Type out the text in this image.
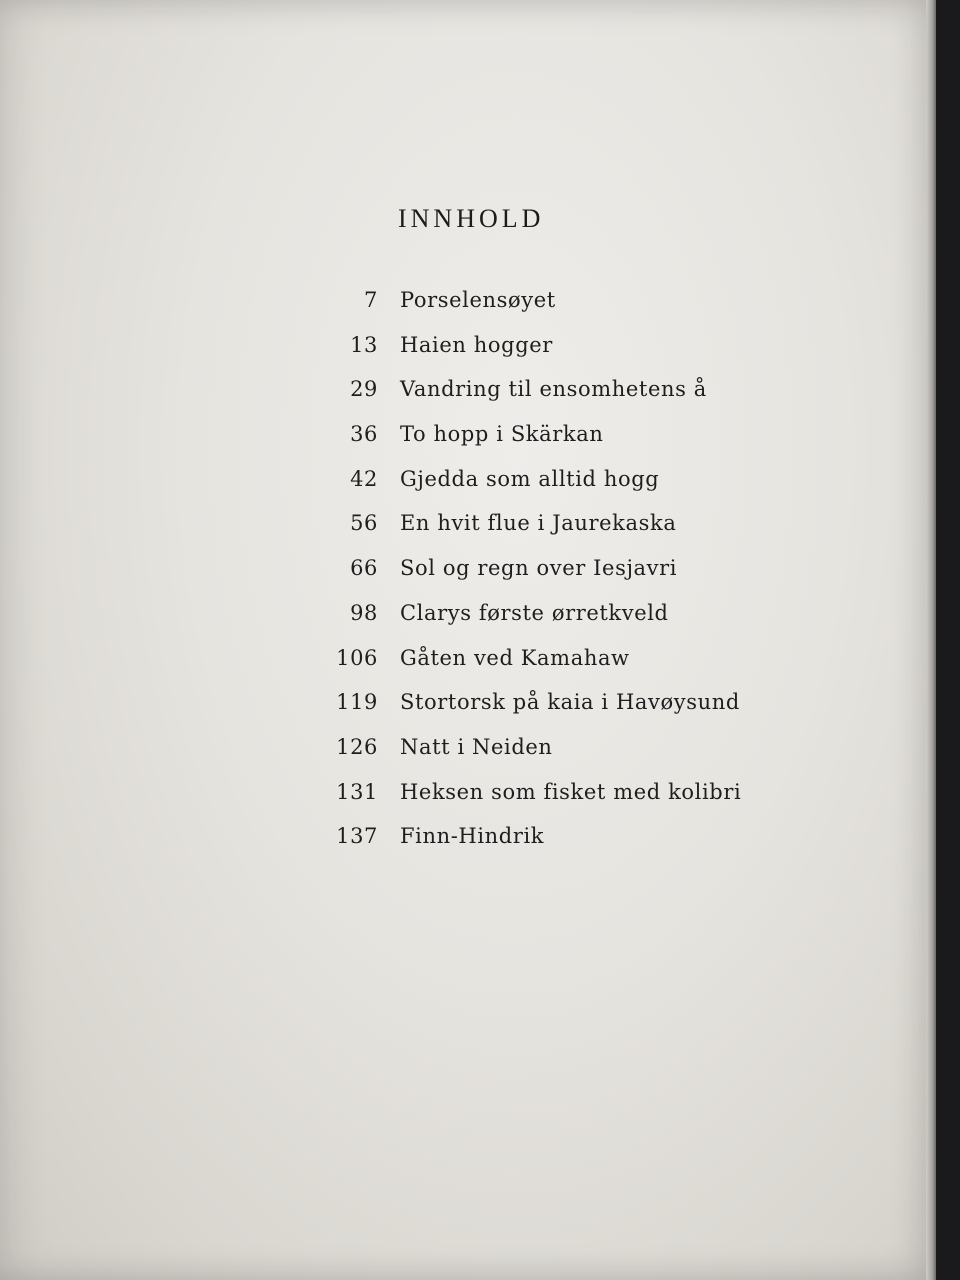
INNHOLD
7	Porselensøyet
13	Haien hogger
29	Vandring til ensomhetens å
36	To hopp i Skärkan
42	Gjedda som alltid hogg
56	En hvit flue i Jaurekaska
66	Sol og regn over Iesjavri
98	Clarys første ørretkveld
106	Gåten ved Kamahaw
119	Stortorsk på kaia i Havøysund
126	Natt i Neiden
131	Heksen som fisket med kolibri
137	Finn-Hindrik
